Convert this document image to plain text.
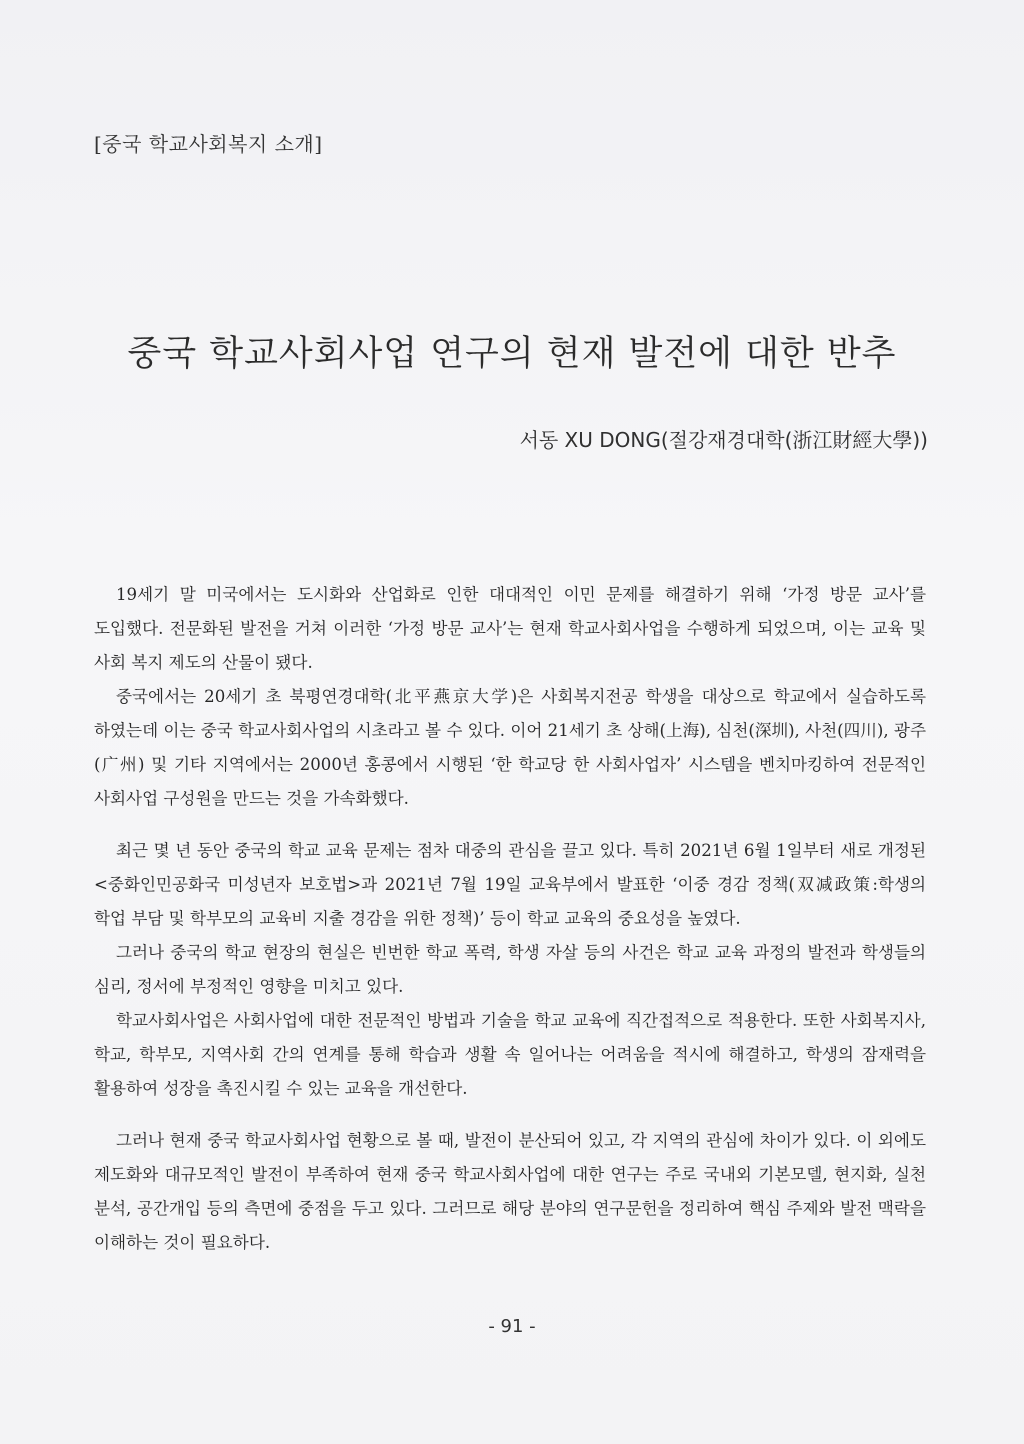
[중국 학교사회복지 소개]
중국 학교사회사업 연구의 현재 발전에 대한 반추
서동 XU DONG(절강재경대학(浙江財經大學))

19세기 말 미국에서는 도시화와 산업화로 인한 대대적인 이민 문제를 해결하기 위해 ‘가정 방문 교사’를 도입했다. 전문화된 발전을 거쳐 이러한 ‘가정 방문 교사’는 현재 학교사회사업을 수행하게 되었으며, 이는 교육 및 사회 복지 제도의 산물이 됐다.

중국에서는 20세기 초 북평연경대학(北平燕京大学)은 사회복지전공 학생을 대상으로 학교에서 실습하도록 하였는데 이는 중국 학교사회사업의 시초라고 볼 수 있다. 이어 21세기 초 상해(上海), 심천(深圳), 사천(四川), 광주(广州) 및 기타 지역에서는 2000년 홍콩에서 시행된 ‘한 학교당 한 사회사업자’ 시스템을 벤치마킹하여 전문적인 사회사업 구성원을 만드는 것을 가속화했다.

최근 몇 년 동안 중국의 학교 교육 문제는 점차 대중의 관심을 끌고 있다. 특히 2021년 6월 1일부터 새로 개정된 <중화인민공화국 미성년자 보호법>과 2021년 7월 19일 교육부에서 발표한 ‘이중 경감 정책(双减政策:학생의 학업 부담 및 학부모의 교육비 지출 경감을 위한 정책)’ 등이 학교 교육의 중요성을 높였다.

그러나 중국의 학교 현장의 현실은 빈번한 학교 폭력, 학생 자살 등의 사건은 학교 교육 과정의 발전과 학생들의 심리, 정서에 부정적인 영향을 미치고 있다.

학교사회사업은 사회사업에 대한 전문적인 방법과 기술을 학교 교육에 직간접적으로 적용한다. 또한 사회복지사, 학교, 학부모, 지역사회 간의 연계를 통해 학습과 생활 속 일어나는 어려움을 적시에 해결하고, 학생의 잠재력을 활용하여 성장을 촉진시킬 수 있는 교육을 개선한다.

그러나 현재 중국 학교사회사업 현황으로 볼 때, 발전이 분산되어 있고, 각 지역의 관심에 차이가 있다. 이 외에도 제도화와 대규모적인 발전이 부족하여 현재 중국 학교사회사업에 대한 연구는 주로 국내외 기본모델, 현지화, 실천 분석, 공간개입 등의 측면에 중점을 두고 있다. 그러므로 해당 분야의 연구문헌을 정리하여 핵심 주제와 발전 맥락을 이해하는 것이 필요하다.

- 91 -
